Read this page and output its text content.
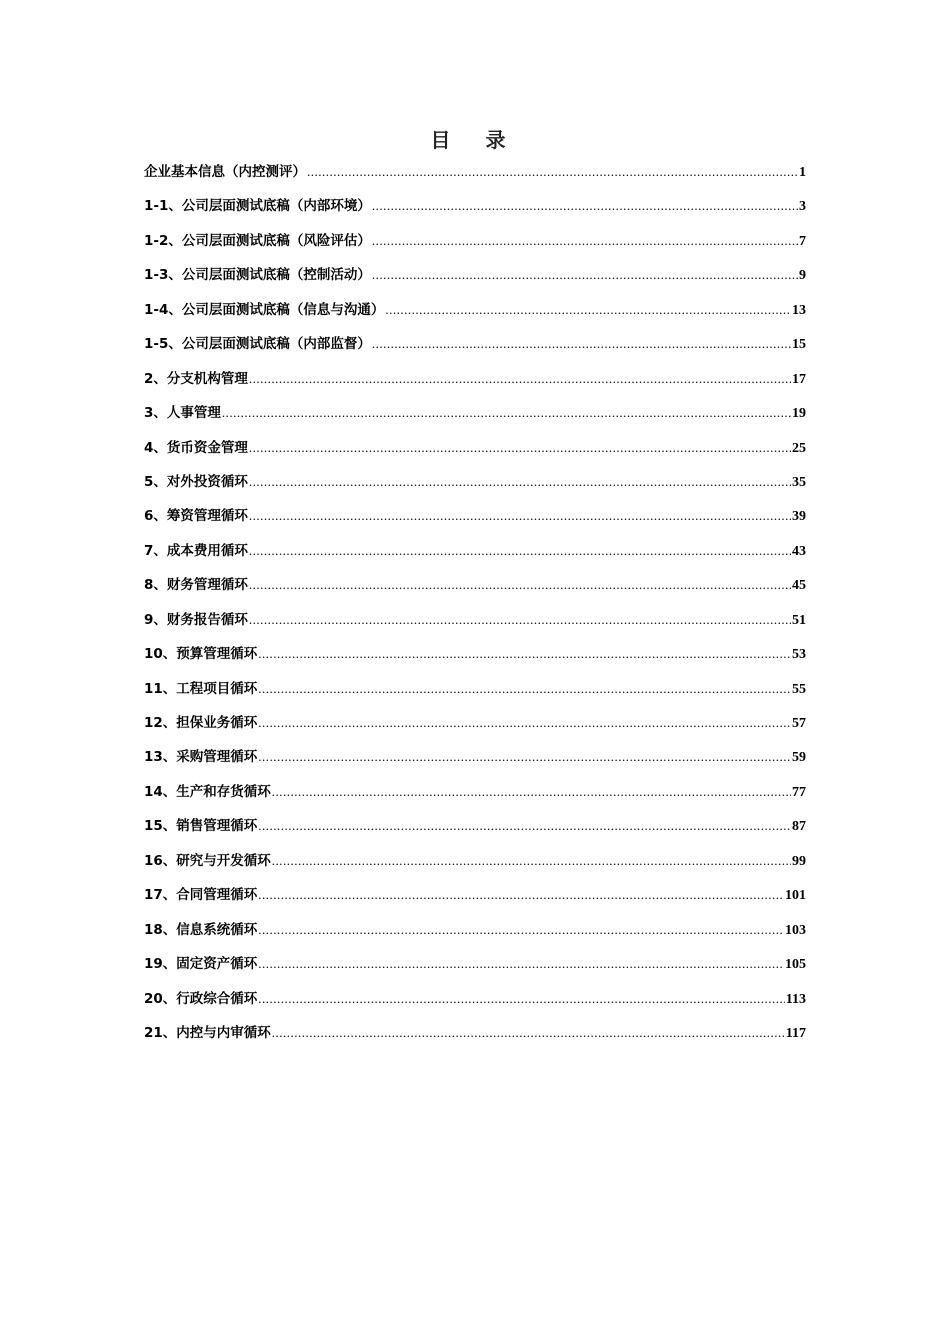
目 录
企业基本信息（内控测评） .....	1
1-1、公司层面测试底稿（内部环境） .....	3
1-2、公司层面测试底稿（风险评估） .....	7
1-3、公司层面测试底稿（控制活动） .....	9
1-4、公司层面测试底稿（信息与沟通） .....	13
1-5、公司层面测试底稿（内部监督） .....	15
2、分支机构管理 .....	17
3、人事管理 .....	19
4、货币资金管理 .....	25
5、对外投资循环 .....	35
6、筹资管理循环 .....	39
7、成本费用循环 .....	43
8、财务管理循环 .....	45
9、财务报告循环 .....	51
10、预算管理循环 .....	53
11、工程项目循环 .....	55
12、担保业务循环 .....	57
13、采购管理循环 .....	59
14、生产和存货循环 .....	77
15、销售管理循环 .....	87
16、研究与开发循环 .....	99
17、合同管理循环 .....	101
18、信息系统循环 .....	103
19、固定资产循环 .....	105
20、行政综合循环 .....	113
21、内控与内审循环 .....	117
